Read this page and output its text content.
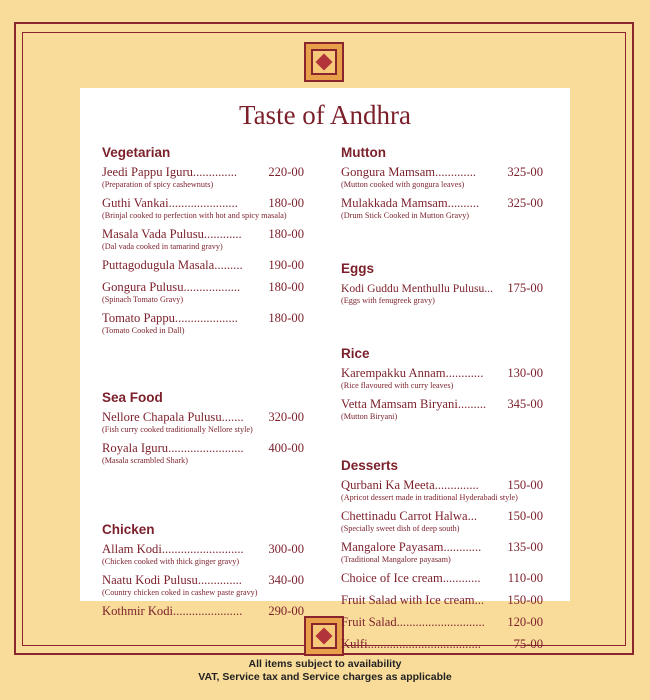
Taste of Andhra
Vegetarian
Jeedi Pappu Iguru.............. 220-00
(Preparation of spicy cashewnuts)
Guthi Vankai...................... 180-00
(Brinjal cooked to perfection with hot and spicy masala)
Masala Vada Pulusu............ 180-00
(Dal vada cooked in tamarind gravy)
Puttagodugula Masala......... 190-00
Gongura Pulusu.................. 180-00
(Spinach Tomato Gravy)
Tomato Pappu.................... 180-00
(Tomato Cooked in Dall)
Sea Food
Nellore Chapala Pulusu....... 320-00
(Fish curry cooked traditionally Nellore style)
Royala Iguru........................ 400-00
(Masala scrambled Shark)
Chicken
Allam Kodi.......................... 300-00
(Chicken cooked with thick ginger gravy)
Naatu Kodi Pulusu.............. 340-00
(Country chicken coked in cashew paste gravy)
Kothmir Kodi...................... 290-00
Mutton
Gongura Mamsam............. 325-00
(Mutton cooked with gongura leaves)
Mulakkada Mamsam.......... 325-00
(Drum Stick Cooked in Mutton Gravy)
Eggs
Kodi Guddu Menthullu Pulusu... 175-00
(Eggs with fenugreek gravy)
Rice
Karempakku Annam............ 130-00
(Rice flavoured with curry leaves)
Vetta Mamsam Biryani......... 345-00
(Mutton Biryani)
Desserts
Qurbani Ka Meeta.............. 150-00
(Apricot dessert made in traditional Hyderabadi style)
Chettinadu Carrot Halwa... 150-00
(Specially sweet dish of deep south)
Mangalore Payasam............ 135-00
(Traditional Mangalore payasam)
Choice of Ice cream............ 110-00
Fruit Salad with Ice cream... 150-00
Fruit Salad............................ 120-00
Kulfi....................................	75-00
All items subject to availability
VAT, Service tax and Service charges as applicable
